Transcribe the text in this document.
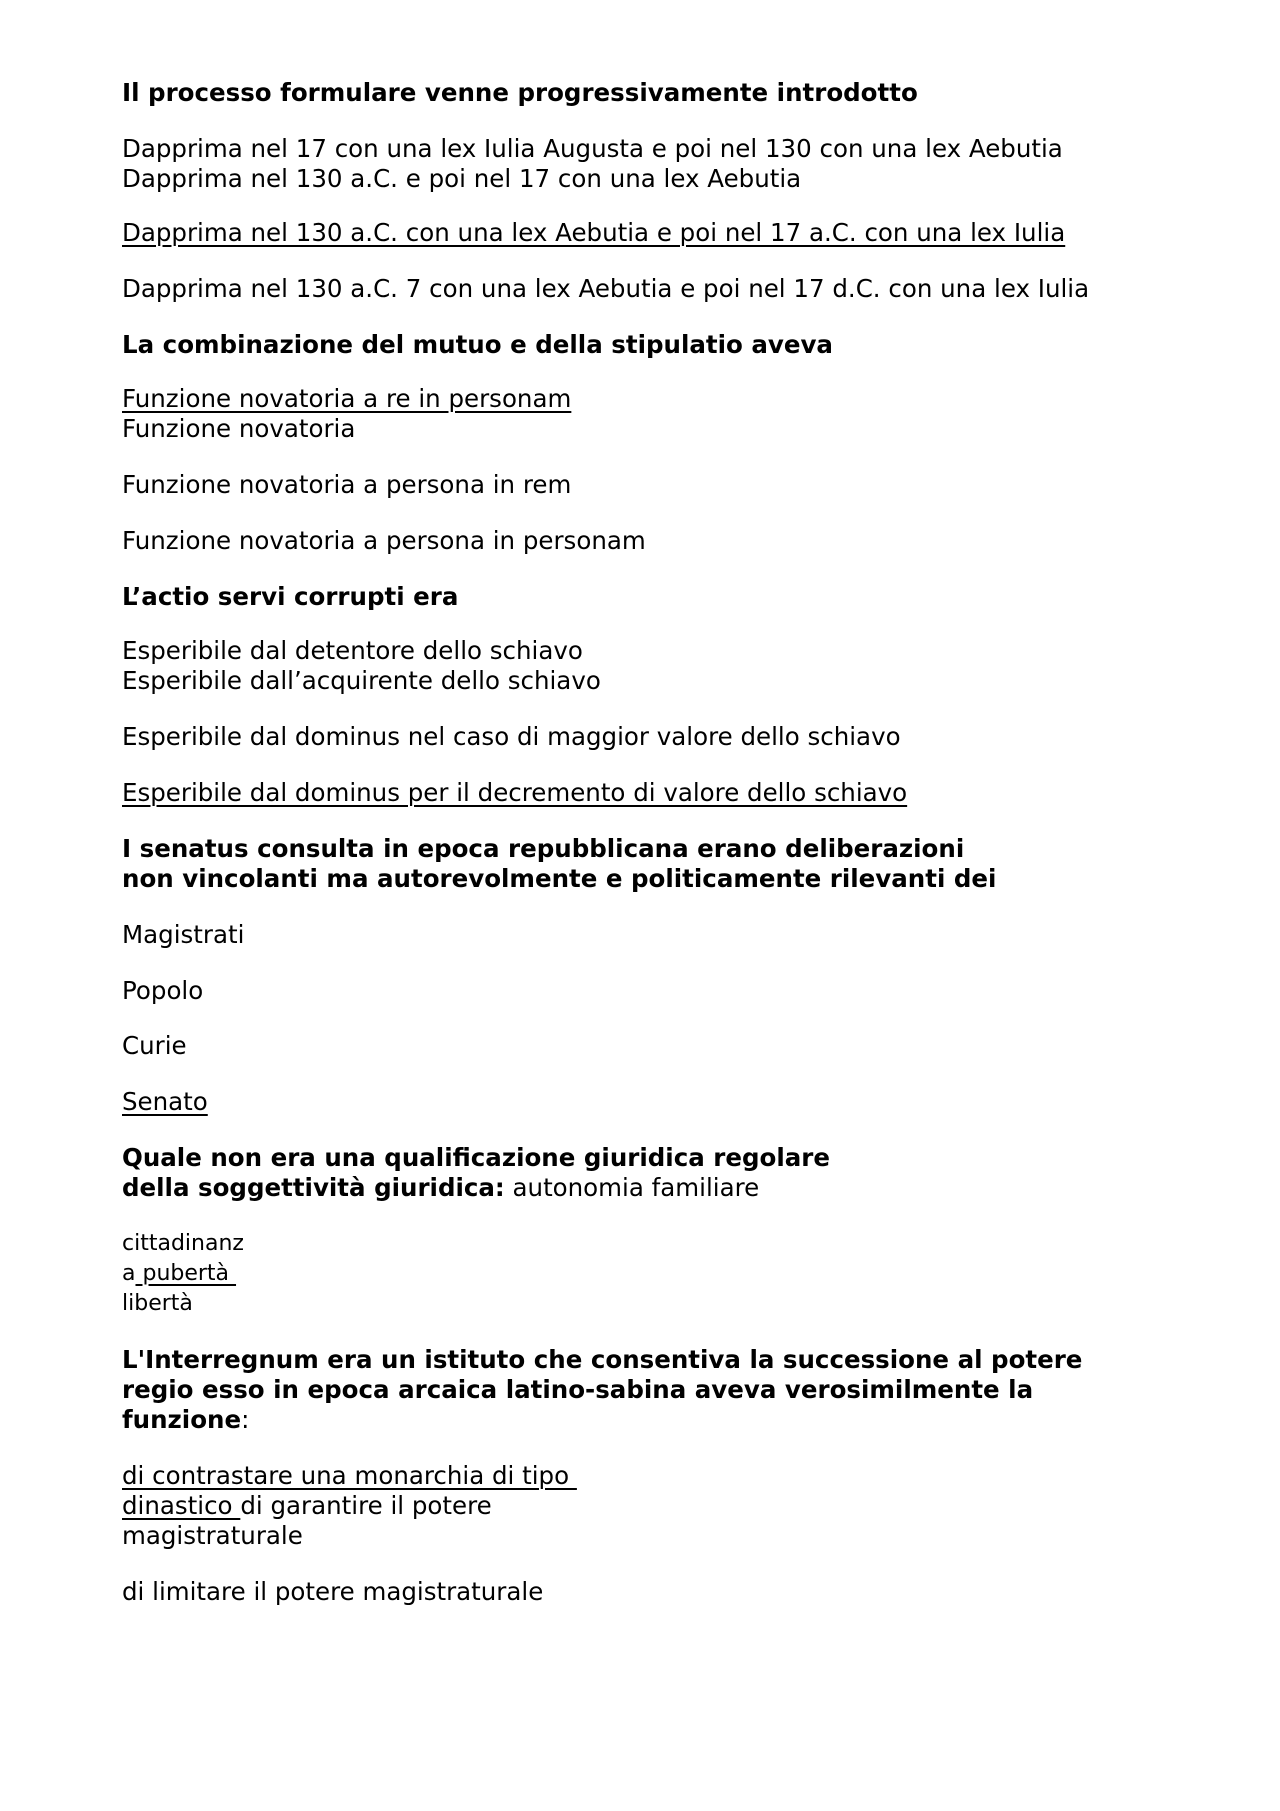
Il processo formulare venne progressivamente introdotto

Dapprima nel 17 con una lex Iulia Augusta e poi nel 130 con una lex Aebutia

Dapprima nel 130 a.C. e poi nel 17 con una lex Aebutia

Dapprima nel 130 a.C. con una lex Aebutia e poi nel 17 a.C. con una lex Iulia

Dapprima nel 130 a.C. 7 con una lex Aebutia e poi nel 17 d.C. con una lex Iulia

La combinazione del mutuo e della stipulatio aveva

Funzione novatoria a re in personam

Funzione novatoria

Funzione novatoria a persona in rem

Funzione novatoria a persona in personam

L’actio servi corrupti era

Esperibile dal detentore dello schiavo

Esperibile dall’acquirente dello schiavo

Esperibile dal dominus nel caso di maggior valore dello schiavo

Esperibile dal dominus per il decremento di valore dello schiavo

I senatus consulta in epoca repubblicana erano deliberazioni

non vincolanti ma autorevolmente e politicamente rilevanti dei

Magistrati

Popolo

Curie

Senato

Quale non era una qualificazione giuridica regolare

della soggettività giuridica: autonomia familiare

cittadinanz

a pubertà

libertà

L'Interregnum era un istituto che consentiva la successione al potere

regio esso in epoca arcaica latino-sabina aveva verosimilmente la

funzione:

di contrastare una monarchia di tipo

dinastico di garantire il potere

magistraturale

di limitare il potere magistraturale
